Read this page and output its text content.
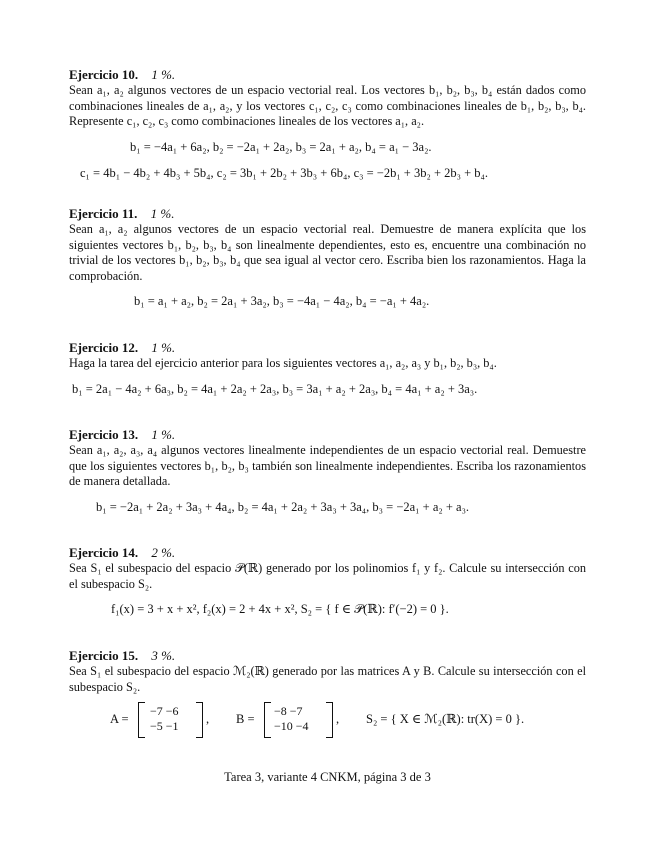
Ejercicio 10. 1 %.
Sean a₁, a₂ algunos vectores de un espacio vectorial real. Los vectores b₁, b₂, b₃, b₄ están dados como combinaciones lineales de a₁, a₂, y los vectores c₁, c₂, c₃ como combinaciones lineales de b₁, b₂, b₃, b₄. Represente c₁, c₂, c₃ como combinaciones lineales de los vectores a₁, a₂.
b₁ = −4a₁ + 6a₂, b₂ = −2a₁ + 2a₂, b₃ = 2a₁ + a₂, b₄ = a₁ − 3a₂.
c₁ = 4b₁ − 4b₂ + 4b₃ + 5b₄, c₂ = 3b₁ + 2b₂ + 3b₃ + 6b₄, c₃ = −2b₁ + 3b₂ + 2b₃ + b₄.
Ejercicio 11. 1 %.
Sean a₁, a₂ algunos vectores de un espacio vectorial real. Demuestre de manera explícita que los siguientes vectores b₁, b₂, b₃, b₄ son linealmente dependientes, esto es, encuentre una combinación no trivial de los vectores b₁, b₂, b₃, b₄ que sea igual al vector cero. Escriba bien los razonamientos. Haga la comprobación.
b₁ = a₁ + a₂, b₂ = 2a₁ + 3a₂, b₃ = −4a₁ − 4a₂, b₄ = −a₁ + 4a₂.
Ejercicio 12. 1 %.
Haga la tarea del ejercicio anterior para los siguientes vectores a₁, a₂, a₃ y b₁, b₂, b₃, b₄.
b₁ = 2a₁ − 4a₂ + 6a₃, b₂ = 4a₁ + 2a₂ + 2a₃, b₃ = 3a₁ + a₂ + 2a₃, b₄ = 4a₁ + a₂ + 3a₃.
Ejercicio 13. 1 %.
Sean a₁, a₂, a₃, a₄ algunos vectores linealmente independientes de un espacio vectorial real. Demuestre que los siguientes vectores b₁, b₂, b₃ también son linealmente independientes. Escriba los razonamientos de manera detallada.
b₁ = −2a₁ + 2a₂ + 3a₃ + 4a₄, b₂ = 4a₁ + 2a₂ + 3a₃ + 3a₄, b₃ = −2a₁ + a₂ + a₃.
Ejercicio 14. 2 %.
Sea S₁ el subespacio del espacio 𝒫(ℝ) generado por los polinomios f₁ y f₂. Calcule su intersección con el subespacio S₂.
f₁(x) = 3 + x + x², f₂(x) = 2 + 4x + x², S₂ = { f ∈ 𝒫(ℝ): f′(−2) = 0 }.
Ejercicio 15. 3 %.
Sea S₁ el subespacio del espacio ℳ₂(ℝ) generado por las matrices A y B. Calcule su intersección con el subespacio S₂.
A =
−7 −6
−5 −1 , B =
−8 −7
−10 −4 , S₂ = { X ∈ ℳ₂(ℝ): tr(X) = 0 }.
Tarea 3, variante 4 CNKM, página 3 de 3
